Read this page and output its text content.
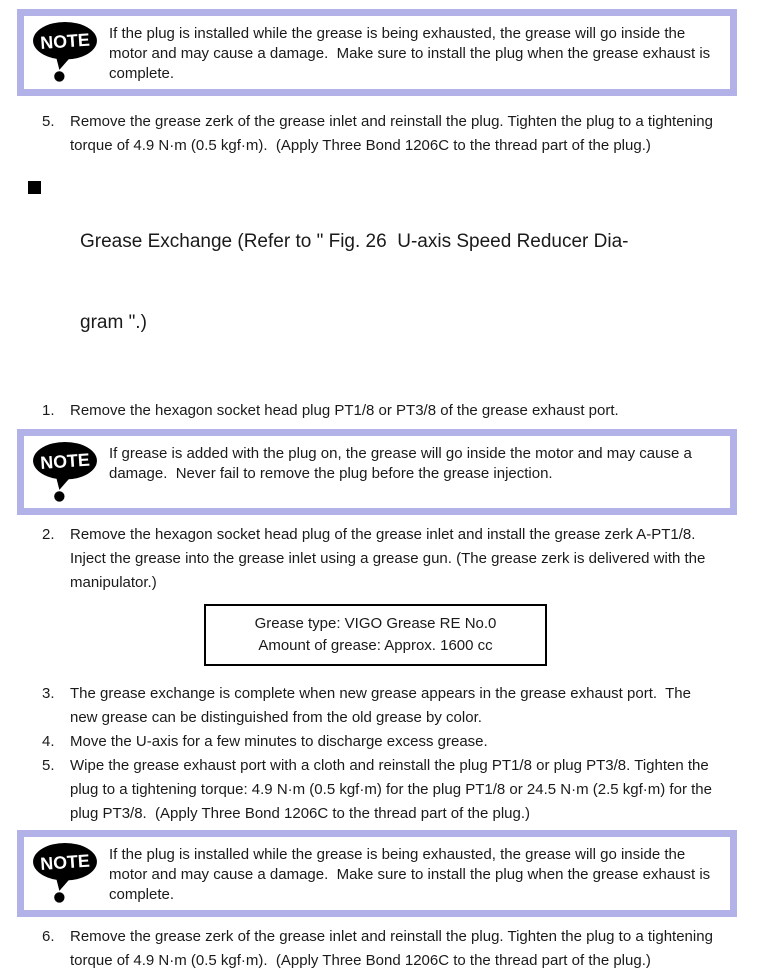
NOTE If the plug is installed while the grease is being exhausted, the grease will go inside the motor and may cause a damage.  Make sure to install the plug when the grease exhaust is complete.

5.	Remove the grease zerk of the grease inlet and reinstall the plug. Tighten the plug to a tightening torque of 4.9 N·m (0.5 kgf·m).  (Apply Three Bond 1206C to the thread part of the plug.)

Grease Exchange (Refer to " Fig. 26  U-axis Speed Reducer Dia-

gram ".)

1.	Remove the hexagon socket head plug PT1/8 or PT3/8 of the grease exhaust port.

NOTE If grease is added with the plug on, the grease will go inside the motor and may cause a damage.  Never fail to remove the plug before the grease injection.

2.	Remove the hexagon socket head plug of the grease inlet and install the grease zerk A-PT1/8. Inject the grease into the grease inlet using a grease gun. (The grease zerk is delivered with the manipulator.)

Grease type: VIGO Grease RE No.0
Amount of grease: Approx. 1600 cc
3.	The grease exchange is complete when new grease appears in the grease exhaust port.  The new grease can be distinguished from the old grease by color.

4.	Move the U-axis for a few minutes to discharge excess grease.

5.	Wipe the grease exhaust port with a cloth and reinstall the plug PT1/8 or plug PT3/8. Tighten the plug to a tightening torque: 4.9 N·m (0.5 kgf·m) for the plug PT1/8 or 24.5 N·m (2.5 kgf·m) for the plug PT3/8.  (Apply Three Bond 1206C to the thread part of the plug.)

NOTE If the plug is installed while the grease is being exhausted, the grease will go inside the motor and may cause a damage.  Make sure to install the plug when the grease exhaust is complete.

6.	Remove the grease zerk of the grease inlet and reinstall the plug. Tighten the plug to a tightening torque of 4.9 N·m (0.5 kgf·m).  (Apply Three Bond 1206C to the thread part of the plug.)
